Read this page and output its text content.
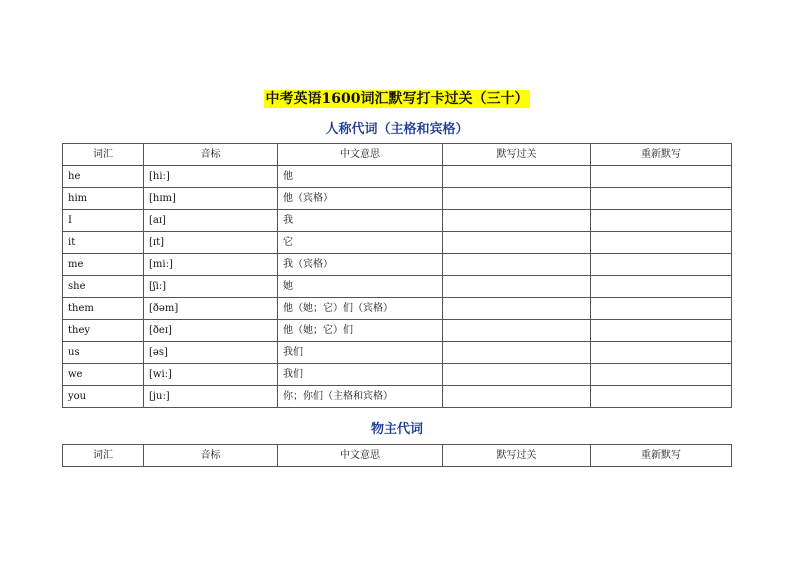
中考英语1600词汇默写打卡过关（三十）
人称代词（主格和宾格）
词汇	音标	中文意思	默写过关	重新默写
he	[hiː]	他		
him	[hɪm]	他（宾格）		
I	[aɪ]	我		
it	[ɪt]	它		
me	[miː]	我（宾格）		
she	[ʃiː]	她		
them	[ðəm]	他（她；它）们（宾格）		
they	[ðeɪ]	他（她；它）们		
us	[əs]	我们		
we	[wiː]	我们		
you	[juː]	你；你们（主格和宾格）		
物主代词
词汇	音标	中文意思	默写过关	重新默写
